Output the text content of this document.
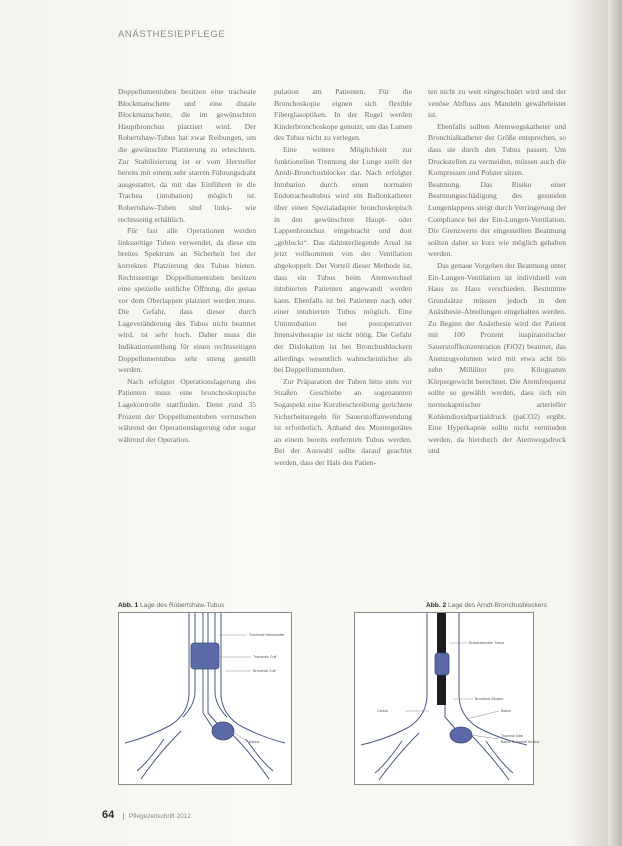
ANÄSTHESIEPFLEGE

Doppellumentuben besitzen eine tracheale Blockmanschette und eine distale Blockmanschette, die im gewünschten Hauptbronchus platziert wird. Der Robertshaw-Tubus hat zwar Reihungen, um die gewünschte Platzierung zu erleichtern. Zur Stabilisierung ist er vom Hersteller bereits mit einem sehr starren Führungsdraht ausgestattet, da mit das Einführen in die Trachea (intubation) möglich ist. Robertshaw-Tuben sind links- wie rechtsseitig erhältlich.

Für fast alle Operationen werden linksseitige Tuben verwendet, da diese ein breites Spektrum an Sicherheit bei der korrekten Platzierung des Tubus bieten. Rechtsseitige Doppellumentuben besitzen eine spezielle seitliche Öffnung, die genau vor dem Oberlappen platziert werden muss. Die Gefahr, dass dieser durch Lageveränderung des Tubus nicht beatmet wird, ist sehr hoch. Daher muss die Indikationsstellung für einen rechtsseitigen Doppellumentubus sehr streng gestellt werden.

Nach erfolgter Operationslagerung des Patienten muss eine bronchoskopische Lagekontrolle stattfinden. Denn rund 35 Prozent der Doppellumentuben verrutschen während der Operationslagerung oder sogar während der Operation.

pulation am Patienten. Für die Bronchoskopie eignen sich flexible Fiberglasoptiken. In der Regel werden Kinderbronchoskope genutzt, um das Lumen des Tubus nicht zu verlegen.

Eine weitere Möglichkeit zur funktionellen Trennung der Lunge stellt der Arndt-Bronchusblocker dar. Nach erfolgter Intubation durch einen normalen Endotrachealtubus wird ein Ballonkatheter über einen Spezialadapter bronchoskopisch in den gewünschten Haupt- oder Lappenbronchus eingebracht und dort „geblockt“. Das dahinterliegende Areal ist jetzt vollkommen von der Ventilation abgekoppelt. Der Vorteil dieser Methode ist, dass ein Tubus beim Atemwechsel intubierten Patienten angewandt werden kann. Ebenfalls ist bei Patienten nach oder einer intubierten Tubus möglich. Eine Umintubation bei postoperativer Intensivtherapie ist nicht nötig. Die Gefahr der Dislokation ist bei Bronchusblockern allerdings wesentlich wahrscheinlicher als bei Doppellumentuben.

Zur Präparation der Tuben bitte stets vor Straßen Geschiebe an sogenannten Sogaspekt eine Kurzbeschreibung gerichtete Sicherheitsregeln für Sauerstoffanwendung ist erforderlich. Anhand des Mustergerätes an einem bereits entfernten Tubus werden. Bei der Auswahl sollte darauf geachtet werden, dass der Hals des Patien-

ten nicht zu weit eingeschnürt wird und der venöse Abfluss aus Mandeln gewährleistet ist.

Ebenfalls sollten Atemwegskatheter und Bronchialkatheter der Größe entsprechen, so dass sie durch den Tubus passen. Um Druckstellen zu vermeiden, müssen auch die Kompressen und Polster sitzen.

Beatmung. Das Risiko einer Beatmungsschädigung des gesunden Lungenlappens steigt durch Verringerung der Compliance bei der Ein-Lungen-Ventilation. Die Grenzwerte der eingestellten Beatmung sollten daher so kurz wie möglich gehalten werden.

Das genaue Vorgehen der Beatmung unter Ein-Lungen-Ventilation ist individuell von Haus zu Haus verschieden. Bestimmte Grundsätze müssen jedoch in den Anästhesie-Abteilungen eingehalten werden. Zu Beginn der Anästhesie wird der Patient mit 100 Prozent inspiratorischer Sauerstoffkonzentration (FiO2) beatmet, das Atemzugvolumen wird mit etwa acht bis zehn Milliliter pro Kilogramm Körpergewicht berechnet. Die Atemfrequenz sollte so gewählt werden, dass sich ein normokapnischer arterieller Kohlendioxidpartialdruck (paCO2) ergibt. Eine Hyperkapnie sollte nicht vermieden werden, da hierdurch der Atemwegsdruck und

Abb. 1 Lage des Robertshaw-Tubus	Abb. 2 Lage des Arndt-Bronchusblockers
Tracheale Manschette
Tracheale Cuff
Bronchial Cuff
Karina
Endotrachealer Tubus
Bronchus-Blocker
Carina	Ballon
Tracheal tube
Ballon Bronchial blocker
64 Pflegezeitschrift 2012
